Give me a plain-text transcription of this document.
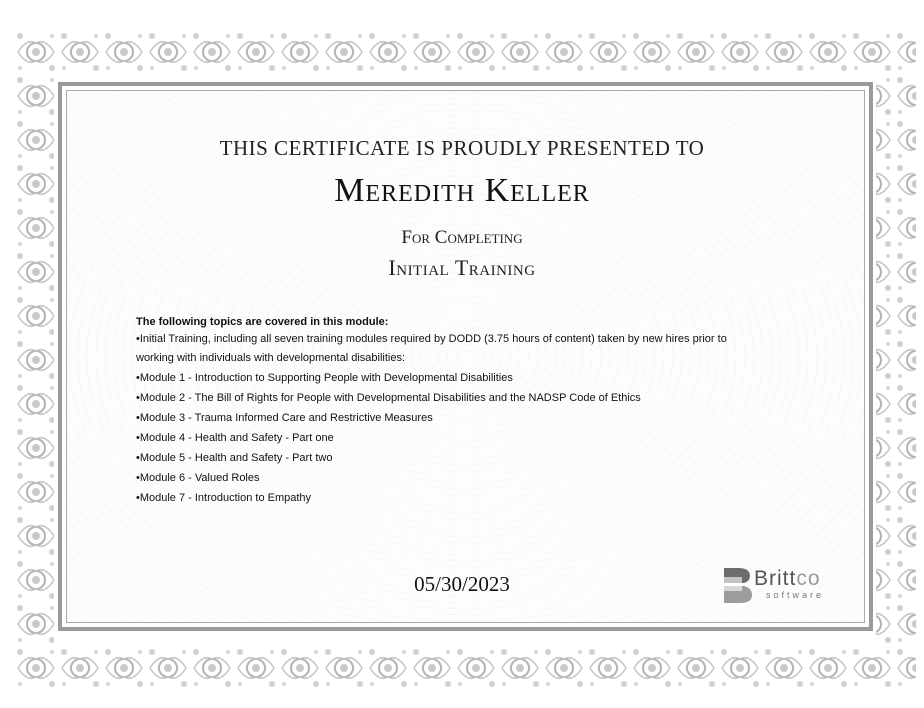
THIS CERTIFICATE IS PROUDLY PRESENTED TO
Meredith Keller
For Completing
Initial Training
The following topics are covered in this module:
•Initial Training, including all seven training modules required by DODD (3.75 hours of content) taken by new hires prior to
working with individuals with developmental disabilities:
•Module 1 - Introduction to Supporting People with Developmental Disabilities
•Module 2 - The Bill of Rights for People with Developmental Disabilities and the NADSP Code of Ethics
•Module 3 - Trauma Informed Care and Restrictive Measures
•Module 4 - Health and Safety - Part one
•Module 5 - Health and Safety - Part two
•Module 6 - Valued Roles
•Module 7 - Introduction to Empathy
05/30/2023	Brittco
software
